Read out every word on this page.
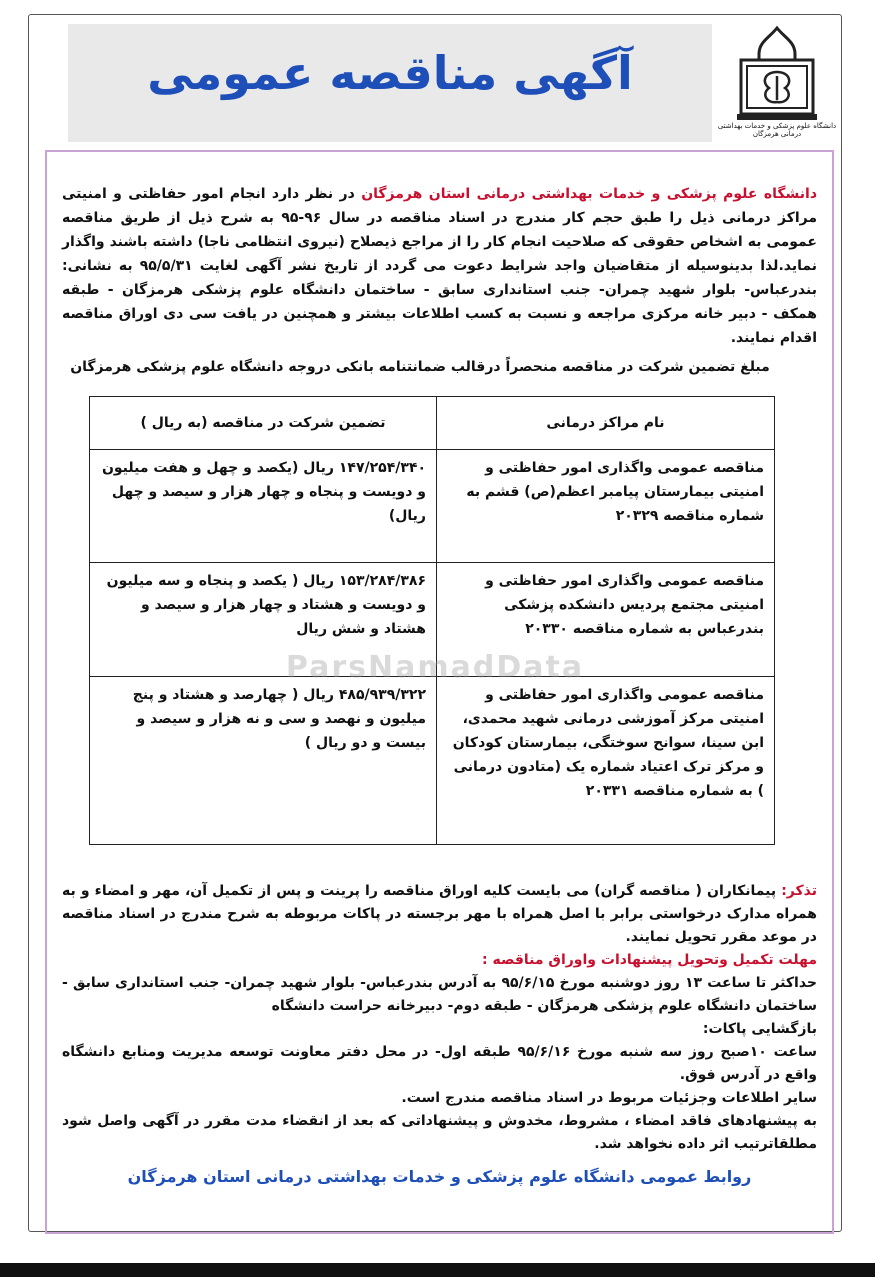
آگهی مناقصه عمومی
دانشگاه علوم پزشکی و خدمات بهداشتی درمانی هرمزگان
دانشگاه علوم پزشکی و خدمات بهداشتی درمانی استان هرمزگان در نظر دارد انجام امور حفاظتی و امنیتی مراکز درمانی ذیل را طبق حجم کار مندرج در اسناد مناقصه در سال ۹۶-۹۵ به شرح ذیل از طریق مناقصه عمومی به اشخاص حقوقی که صلاحیت انجام کار را از مراجع ذیصلاح (نیروی انتظامی ناجا) داشته باشند واگذار نماید.لذا بدینوسیله از متقاضیان واجد شرایط دعوت می گردد از تاریخ نشر آگهی لغایت ۹۵/۵/۳۱ به نشانی: بندرعباس- بلوار شهید چمران- جنب استانداری سابق - ساختمان دانشگاه علوم پزشکی هرمزگان - طبقه همکف - دبیر خانه مرکزی مراجعه و نسبت به کسب اطلاعات بیشتر و همچنین در یافت سی دی اوراق مناقصه اقدام نمایند.
مبلغ تضمین شرکت در مناقصه منحصراً درقالب ضمانتنامه بانکی دروجه دانشگاه علوم پزشکی هرمزگان
نام مراکز درمانی	تضمین شرکت در مناقصه (به ریال )
مناقصه عمومی واگذاری امور حفاظتی و امنیتی بیمارستان پیامبر اعظم(ص) قشم به شماره مناقصه ۲۰۳۲۹	۱۴۷/۲۵۴/۳۴۰ ریال (یکصد و چهل و هفت میلیون و دویست و پنجاه و چهار هزار و سیصد و چهل ریال)
مناقصه عمومی واگذاری امور حفاظتی و امنیتی مجتمع پردیس دانشکده پزشکی بندرعباس به شماره مناقصه ۲۰۳۳۰	۱۵۳/۲۸۴/۳۸۶ ریال ( یکصد و پنجاه و سه میلیون و دویست و هشتاد و چهار هزار و سیصد و هشتاد و شش ریال
مناقصه عمومی واگذاری امور حفاظتی و امنیتی مرکز آموزشی درمانی شهید محمدی، ابن سینا، سوانح سوختگی، بیمارستان کودکان و مرکز ترک اعتیاد شماره یک (متادون درمانی ) به شماره مناقصه ۲۰۳۳۱	۴۸۵/۹۳۹/۳۲۲ ریال ( چهارصد و هشتاد و پنج میلیون و نهصد و سی و نه هزار و سیصد و بیست و دو ریال )
ParsNamadData

تذکر: پیمانکاران ( مناقصه گران) می بایست کلیه اوراق مناقصه را پرینت و پس از تکمیل آن، مهر و امضاء و به همراه مدارک درخواستی برابر با اصل همراه با مهر برجسته در پاکات مربوطه به شرح مندرج در اسناد مناقصه در موعد مقرر تحویل نمایند.

مهلت تکمیل وتحویل پیشنهادات واوراق مناقصه :

حداکثر تا ساعت ۱۳ روز دوشنبه مورخ ۹۵/۶/۱۵ به آدرس بندرعباس- بلوار شهید چمران- جنب استانداری سابق - ساختمان دانشگاه علوم پزشکی هرمزگان - طبقه دوم- دبیرخانه حراست دانشگاه

بازگشایی پاکات:

ساعت ۱۰صبح روز سه شنبه مورخ ۹۵/۶/۱۶ طبقه اول- در محل دفتر معاونت توسعه مدیریت ومنابع دانشگاه واقع در آدرس فوق.

سایر اطلاعات وجزئیات مربوط در اسناد مناقصه مندرج است.

به پیشنهادهای فاقد امضاء ، مشروط، مخدوش و پیشنهاداتی که بعد از انقضاء مدت مقرر در آگهی واصل شود مطلقاترتیب اثر داده نخواهد شد.

روابط عمومی دانشگاه علوم پزشکی و خدمات بهداشتی درمانی استان هرمزگان
